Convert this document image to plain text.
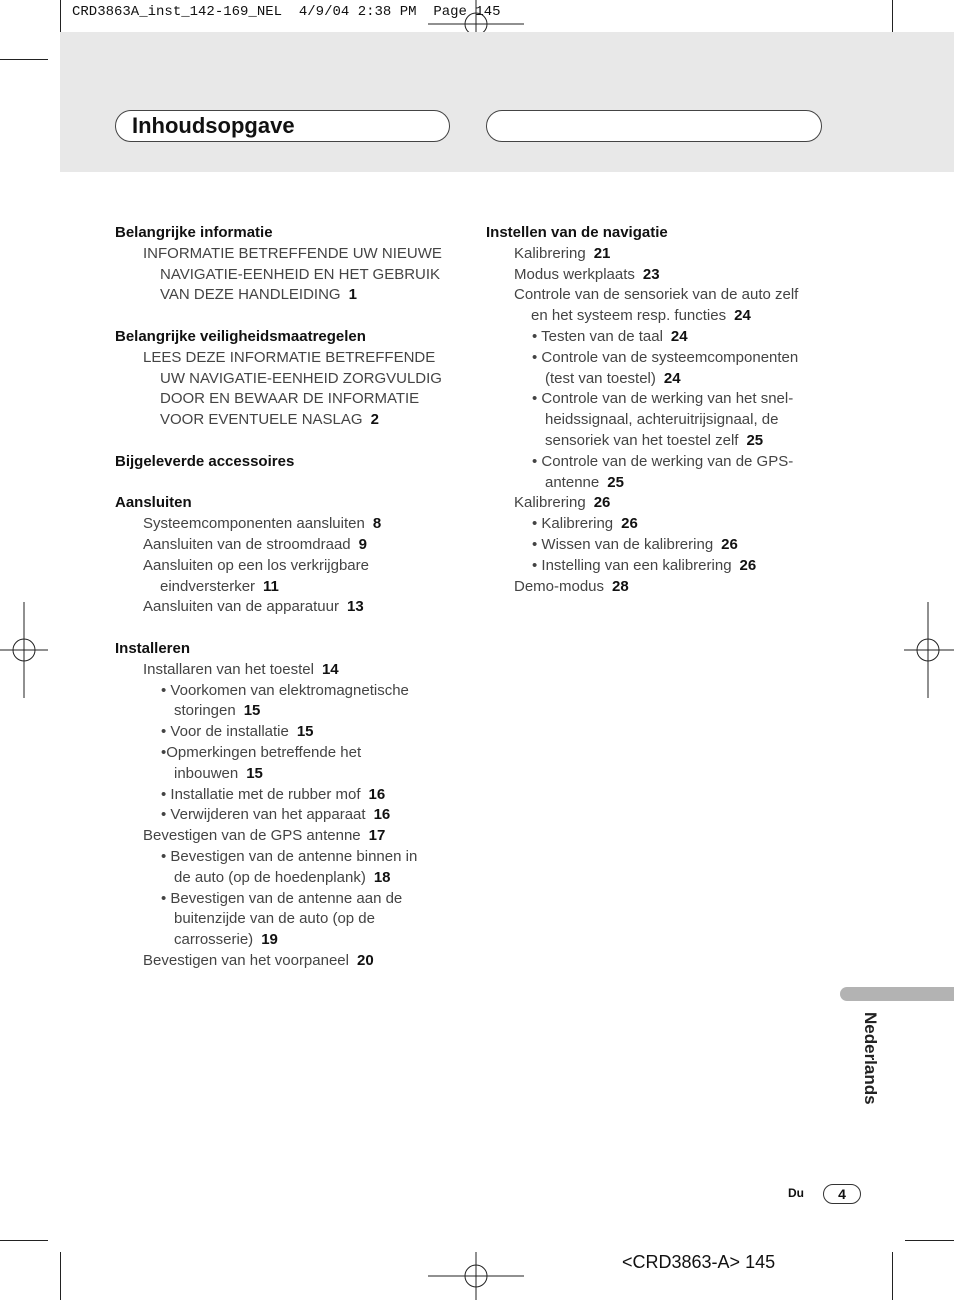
CRD3863A_inst_142-169_NEL 4/9/04 2:38 PM Page 145
Inhoudsopgave
Belangrijke informatie
INFORMATIE BETREFFENDE UW NIEUWE
NAVIGATIE-EENHEID EN HET GEBRUIK
VAN DEZE HANDLEIDING 1
Belangrijke veiligheidsmaatregelen
LEES DEZE INFORMATIE BETREFFENDE
UW NAVIGATIE-EENHEID ZORGVULDIG
DOOR EN BEWAAR DE INFORMATIE
VOOR EVENTUELE NASLAG 2
Bijgeleverde accessoires
Aansluiten
Systeemcomponenten aansluiten 8
Aansluiten van de stroomdraad 9
Aansluiten op een los verkrijgbare
eindversterker 11
Aansluiten van de apparatuur 13
Installeren
Installaren van het toestel 14
• Voorkomen van elektromagnetische
storingen 15
• Voor de installatie 15
•Opmerkingen betreffende het
inbouwen 15
• Installatie met de rubber mof 16
• Verwijderen van het apparaat 16
Bevestigen van de GPS antenne 17
• Bevestigen van de antenne binnen in
de auto (op de hoedenplank) 18
• Bevestigen van de antenne aan de
buitenzijde van de auto (op de
carrosserie) 19
Bevestigen van het voorpaneel 20
Instellen van de navigatie
Kalibrering 21
Modus werkplaats 23
Controle van de sensoriek van de auto zelf
en het systeem resp. functies 24
• Testen van de taal 24
• Controle van de systeemcomponenten
(test van toestel) 24
• Controle van de werking van het snel-
heidssignaal, achteruitrijsignaal, de
sensoriek van het toestel zelf 25
• Controle van de werking van de GPS-
antenne 25
Kalibrering 26
• Kalibrering 26
• Wissen van de kalibrering 26
• Instelling van een kalibrering 26
Demo-modus 28
Nederlands
Du	4
<CRD3863-A> 145
